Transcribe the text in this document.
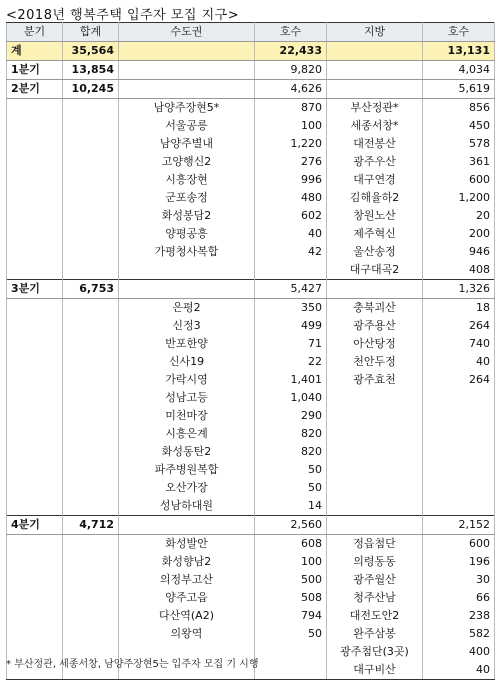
<2018년 행복주택 입주자 모집 지구>
분기	합계	수도권	호수	지방	호수
계	35,564		22,433		13,131
1분기	13,854		9,820		4,034
2분기	10,245		4,626		5,619
		남양주장현5*	870	부산정관*	856
		서울공릉	100	세종서창*	450
		남양주별내	1,220	대전봉산	578
		고양행신2	276	광주우산	361
		시흥장현	996	대구연경	600
		군포송정	480	김해율하2	1,200
		화성봉담2	602	창원노산	20
		양평공흥	40	제주혁신	200
		가평청사복합	42	울산송정	946
				대구대곡2	408
3분기	6,753		5,427		1,326
		은평2	350	충북괴산	18
		신정3	499	광주용산	264
		반포한양	71	아산탕정	740
		신사19	22	천안두정	40
		가락시영	1,401	광주효천	264
		성남고등	1,040		
		미천마장	290		
		시흥은계	820		
		화성동탄2	820		
		파주병원복합	50		
		오산가장	50		
		성남하대원	14		
4분기	4,712		2,560		2,152
		화성발안	608	정읍첨단	600
		화성향남2	100	의령동동	196
		의정부고산	500	광주월산	30
		양주고읍	508	청주산남	66
		다산역(A2)	794	대전도안2	238
		의왕역	50	완주삼봉	582
				광주첨단(3곳)	400
				대구비산	40
* 부산정관, 세종서창, 남양주장현5는 입주자 모집 기 시행
